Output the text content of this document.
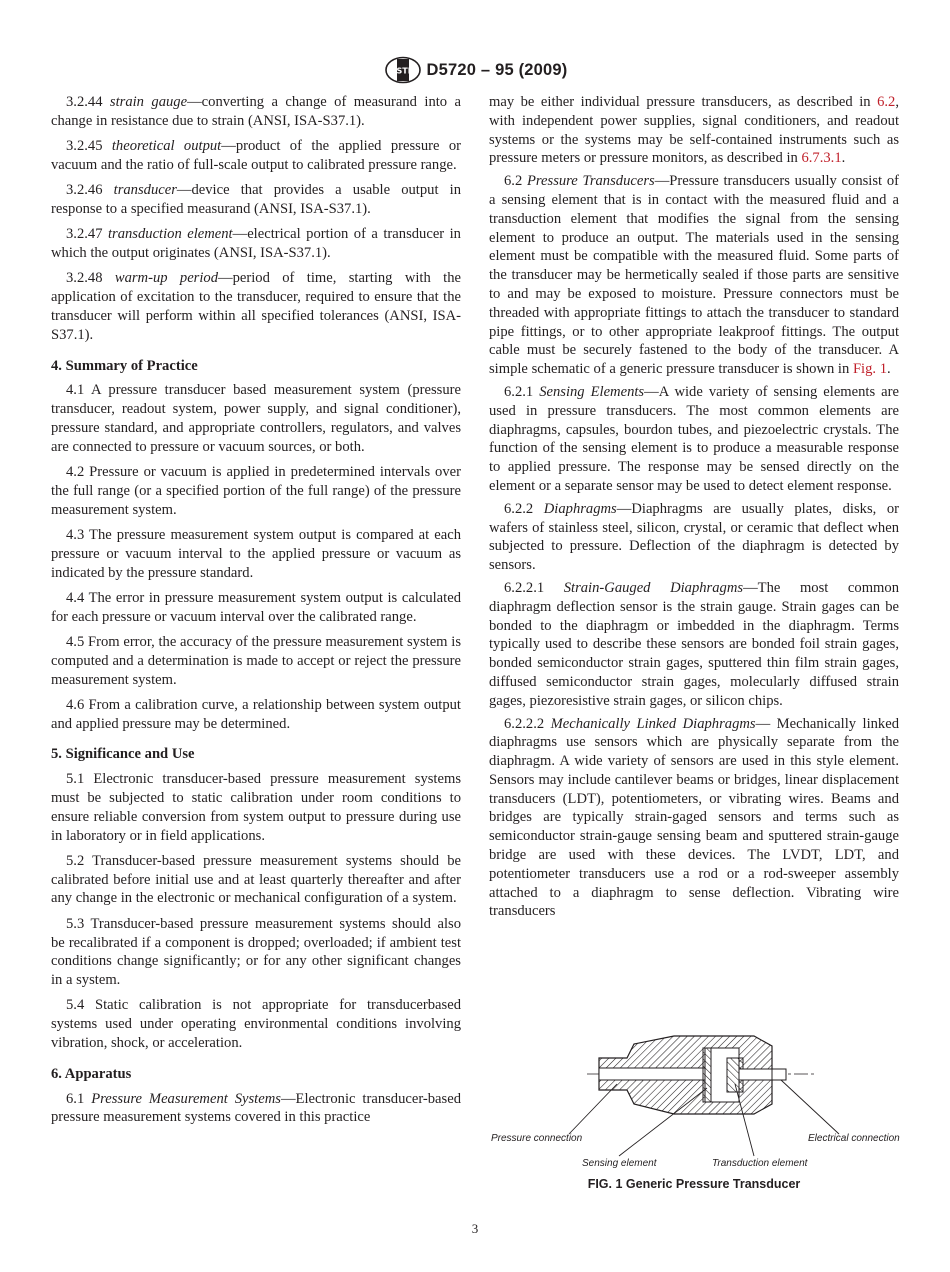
ASTM D5720 – 95 (2009)

3.2.44 strain gauge—converting a change of measurand into a change in resistance due to strain (ANSI, ISA-S37.1).

3.2.45 theoretical output—product of the applied pressure or vacuum and the ratio of full-scale output to calibrated pressure range.

3.2.46 transducer—device that provides a usable output in response to a specified measurand (ANSI, ISA-S37.1).

3.2.47 transduction element—electrical portion of a transducer in which the output originates (ANSI, ISA-S37.1).

3.2.48 warm-up period—period of time, starting with the application of excitation to the transducer, required to ensure that the transducer will perform within all specified tolerances (ANSI, ISA-S37.1).

4. Summary of Practice

4.1 A pressure transducer based measurement system (pressure transducer, readout system, power supply, and signal conditioner), pressure standard, and appropriate controllers, regulators, and valves are connected to pressure or vacuum sources, or both.

4.2 Pressure or vacuum is applied in predetermined intervals over the full range (or a specified portion of the full range) of the pressure measurement system.

4.3 The pressure measurement system output is compared at each pressure or vacuum interval to the applied pressure or vacuum as indicated by the pressure standard.

4.4 The error in pressure measurement system output is calculated for each pressure or vacuum interval over the calibrated range.

4.5 From error, the accuracy of the pressure measurement system is computed and a determination is made to accept or reject the pressure measurement system.

4.6 From a calibration curve, a relationship between system output and applied pressure may be determined.

5. Significance and Use

5.1 Electronic transducer-based pressure measurement systems must be subjected to static calibration under room conditions to ensure reliable conversion from system output to pressure during use in laboratory or in field applications.

5.2 Transducer-based pressure measurement systems should be calibrated before initial use and at least quarterly thereafter and after any change in the electronic or mechanical configuration of a system.

5.3 Transducer-based pressure measurement systems should also be recalibrated if a component is dropped; overloaded; if ambient test conditions change significantly; or for any other significant changes in a system.

5.4 Static calibration is not appropriate for transducerbased systems used under operating environmental conditions involving vibration, shock, or acceleration.

6. Apparatus

6.1 Pressure Measurement Systems—Electronic transducer-based pressure measurement systems covered in this practice

may be either individual pressure transducers, as described in 6.2, with independent power supplies, signal conditioners, and readout systems or the systems may be self-contained instruments such as pressure meters or pressure monitors, as described in 6.7.3.1.

6.2 Pressure Transducers—Pressure transducers usually consist of a sensing element that is in contact with the measured fluid and a transduction element that modifies the signal from the sensing element to produce an output. The materials used in the sensing element must be compatible with the measured fluid. Some parts of the transducer may be hermetically sealed if those parts are sensitive to and may be exposed to moisture. Pressure connectors must be threaded with appropriate fittings to attach the transducer to standard pipe fittings, or to other appropriate leakproof fittings. The output cable must be securely fastened to the body of the transducer. A simple schematic of a generic pressure transducer is shown in Fig. 1.

6.2.1 Sensing Elements—A wide variety of sensing elements are used in pressure transducers. The most common elements are diaphragms, capsules, bourdon tubes, and piezoelectric crystals. The function of the sensing element is to produce a measurable response to applied pressure. The response may be sensed directly on the element or a separate sensor may be used to detect element response.

6.2.2 Diaphragms—Diaphragms are usually plates, disks, or wafers of stainless steel, silicon, crystal, or ceramic that deflect when subjected to pressure. Deflection of the diaphragm is detected by sensors.

6.2.2.1 Strain-Gauged Diaphragms—The most common diaphragm deflection sensor is the strain gauge. Strain gages can be bonded to the diaphragm or imbedded in the diaphragm. Terms typically used to describe these sensors are bonded foil strain gages, bonded semiconductor strain gages, sputtered thin film strain gages, diffused semiconductor strain gages, molecularly diffused strain gages, piezoresistive strain gages, or silicon chips.

6.2.2.2 Mechanically Linked Diaphragms— Mechanically linked diaphragms use sensors which are physically separate from the diaphragm. A wide variety of sensors are used in this style element. Sensors may include cantilever beams or bridges, linear displacement transducers (LDT), potentiometers, or vibrating wires. Beams and bridges are typically strain-gaged sensors and terms such as semiconductor strain-gauge sensing beam and sputtered strain-gauge bridge are used with these devices. The LVDT, LDT, and potentiometer transducers use a rod or a rod-sweeper assembly attached to a diaphragm to sense deflection. Vibrating wire transducers

Pressure connection	Electrical connection
Sensing element	Transduction element
FIG. 1 Generic Pressure Transducer
3
